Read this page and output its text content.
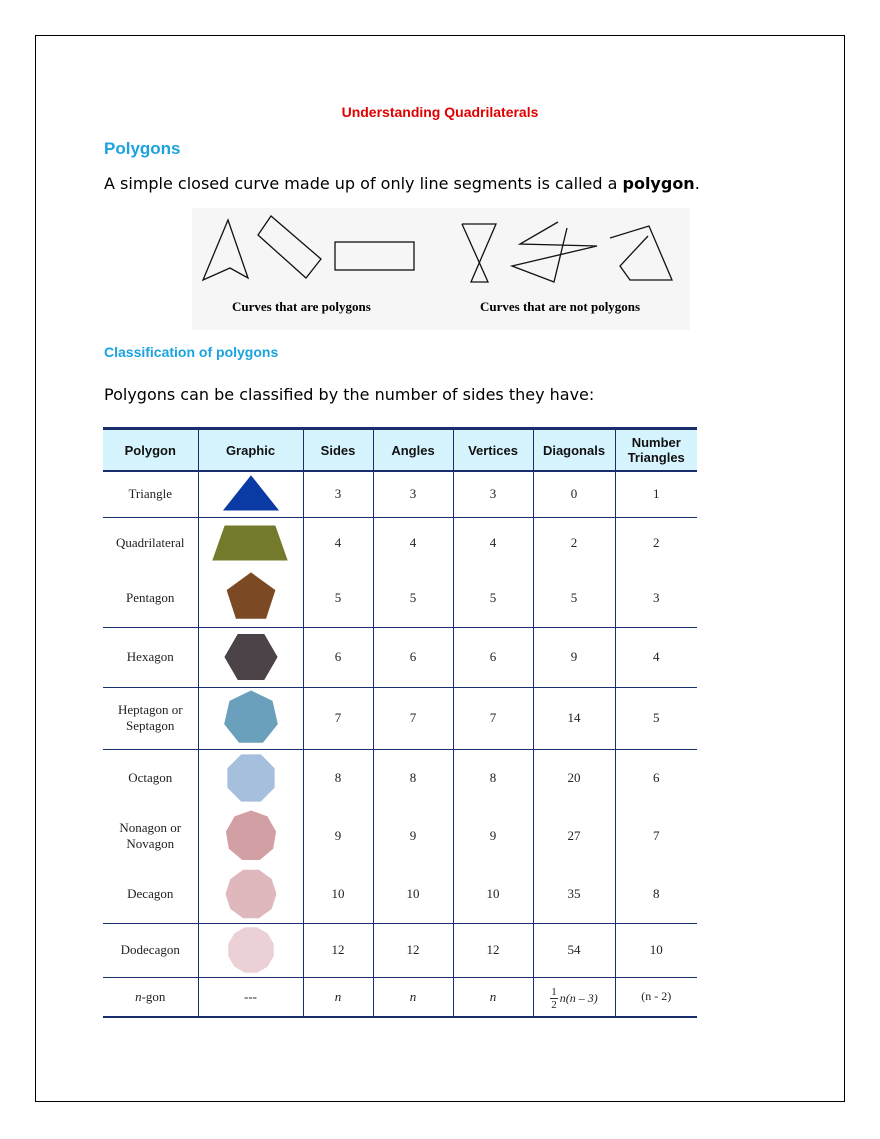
Understanding Quadrilaterals
Polygons
A simple closed curve made up of only line segments is called a polygon.
Curves that are polygons	Curves that are not polygons
Classification of polygons
Polygons can be classified by the number of sides they have:
Polygon	Graphic	Sides	Angles	Vertices	Diagonals	Number Triangles
Triangle		3	3	3	0	1
Quadrilateral		4	4	4	2	2
Pentagon		5	5	5	5	3
Hexagon		6	6	6	9	4
Heptagon or Septagon		7	7	7	14	5
Octagon		8	8	8	20	6
Nonagon or Novagon		9	9	9	27	7
Decagon		10	10	10	35	8
Dodecagon		12	12	12	54	10
n-gon	---	n	n	n	$\frac{1}{2} n(n - 3)$	(n - 2)
